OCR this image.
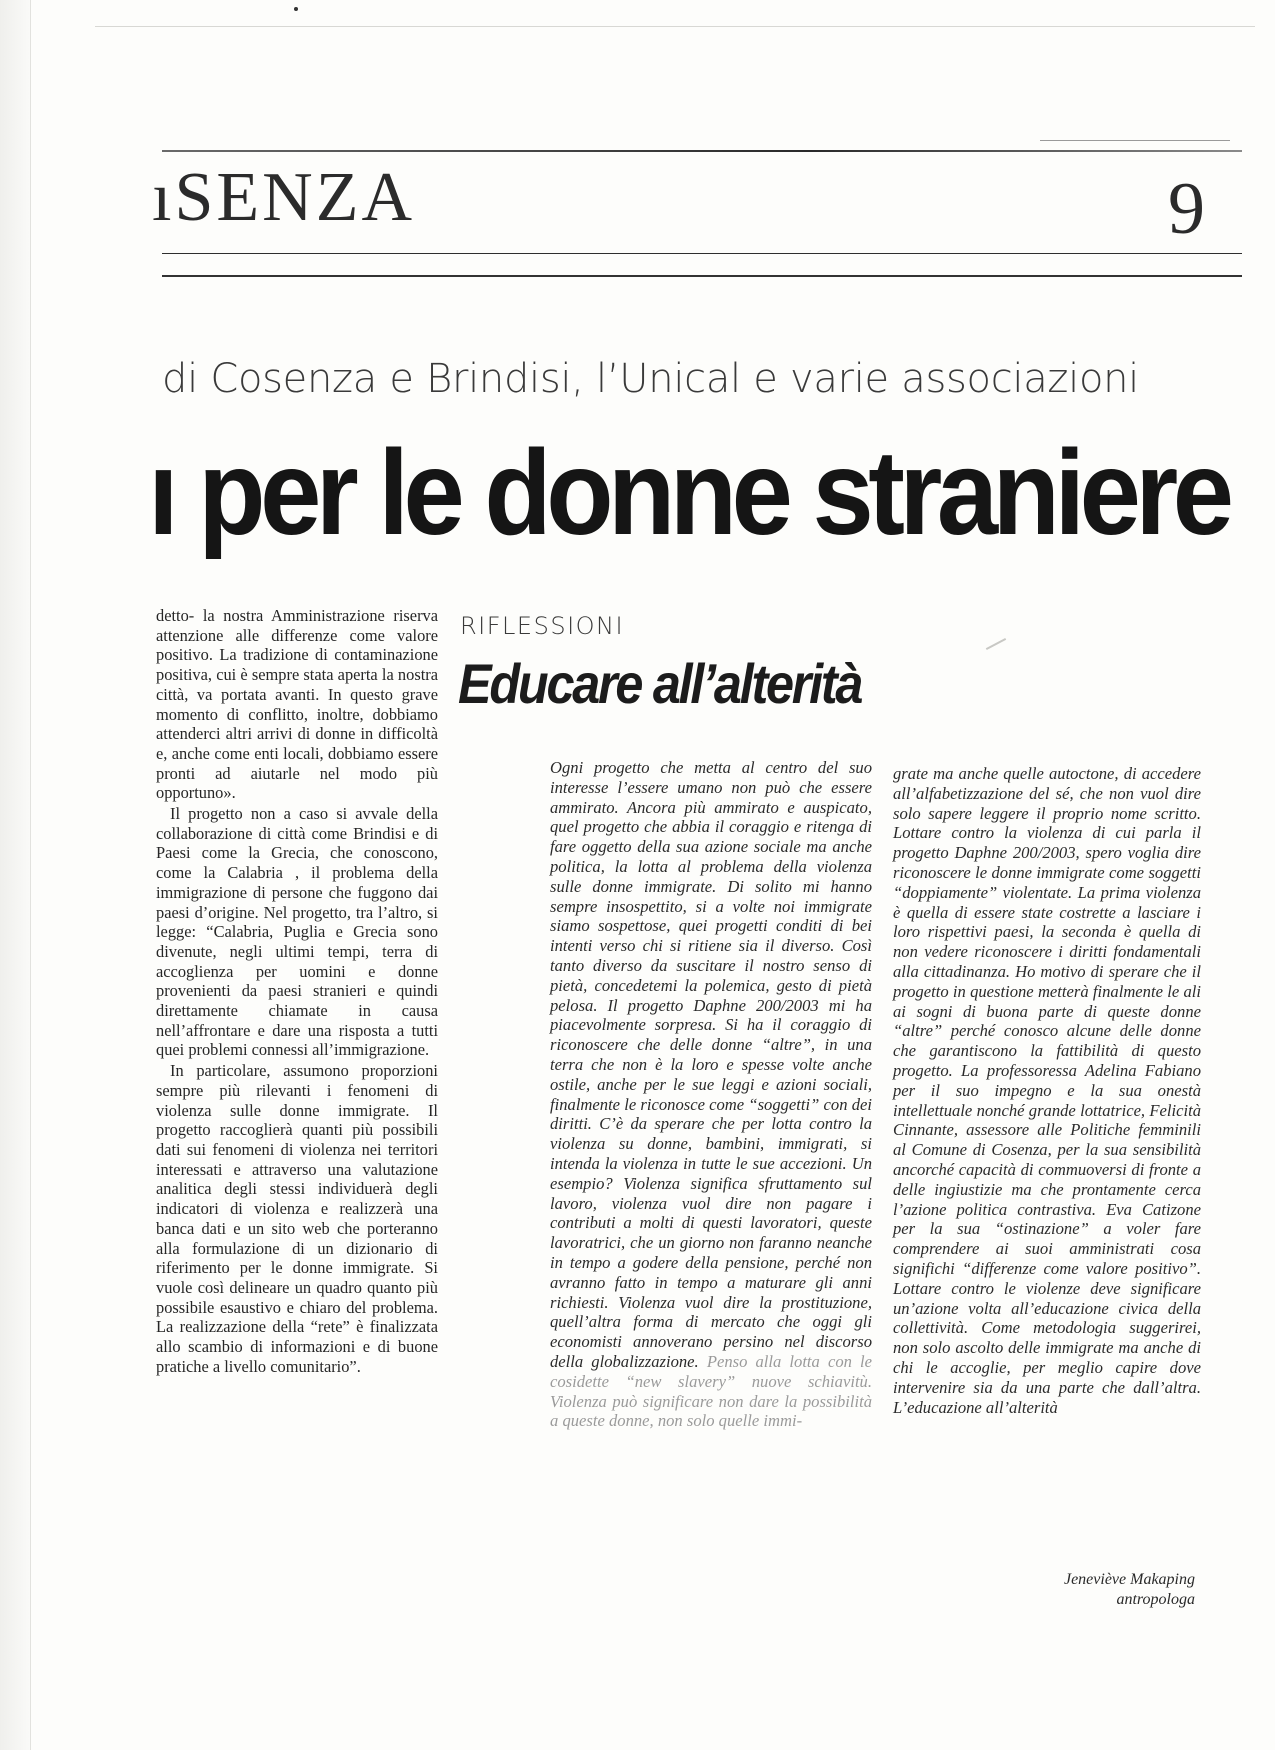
ıSENZA	9
di Cosenza e Brindisi, l’Unical e varie associazioni
ı per le donne straniere

detto- la nostra Amministrazione riserva attenzione alle differenze come valore positivo. La tradizione di contaminazione positiva, cui è sempre stata aperta la nostra città, va portata avanti. In questo grave momento di conflitto, inoltre, dobbiamo attenderci altri arrivi di donne in difficoltà e, anche come enti locali, dobbiamo essere pronti ad aiutarle nel modo più opportuno».

Il progetto non a caso si avvale della collaborazione di città come Brindisi e di Paesi come la Grecia, che conoscono, come la Calabria , il problema della immigrazione di persone che fuggono dai paesi d’origine. Nel progetto, tra l’altro, si legge: “Calabria, Puglia e Grecia sono divenute, negli ultimi tempi, terra di accoglienza per uomini e donne provenienti da paesi stranieri e quindi direttamente chiamate in causa nell’affrontare e dare una risposta a tutti quei problemi connessi all’immigrazione.

In particolare, assumono proporzioni sempre più rilevanti i fenomeni di violenza sulle donne immigrate. Il progetto raccoglierà quanti più possibili dati sui fenomeni di violenza nei territori interessati e attraverso una valutazione analitica degli stessi individuerà degli indicatori di violenza e realizzerà una banca dati e un sito web che porteranno alla formulazione di un dizionario di riferimento per le donne immigrate. Si vuole così delineare un quadro quanto più possibile esaustivo e chiaro del problema. La realizzazione della “rete” è finalizzata allo scambio di informazioni e di buone pratiche a livello comunitario”.

RIFLESSIONI
Educare all’alterità

Ogni progetto che metta al centro del suo interesse l’essere umano non può che essere ammirato. Ancora più ammirato e auspicato, quel progetto che abbia il coraggio e ritenga di fare oggetto della sua azione sociale ma anche politica, la lotta al problema della violenza sulle donne immigrate. Di solito mi hanno sempre insospettito, si a volte noi immigrate siamo sospettose, quei progetti conditi di bei intenti verso chi si ritiene sia il diverso. Così tanto diverso da suscitare il nostro senso di pietà, concedetemi la polemica, gesto di pietà pelosa. Il progetto Daphne 200/2003 mi ha piacevolmente sorpresa. Si ha il coraggio di riconoscere che delle donne “altre”, in una terra che non è la loro e spesse volte anche ostile, anche per le sue leggi e azioni sociali, finalmente le riconosce come “soggetti” con dei diritti. C’è da sperare che per lotta contro la violenza su donne, bambini, immigrati, si intenda la violenza in tutte le sue accezioni. Un esempio? Violenza significa sfruttamento sul lavoro, violenza vuol dire non pagare i contributi a molti di questi lavoratori, queste lavoratrici, che un giorno non faranno neanche in tempo a godere della pensione, perché non avranno fatto in tempo a maturare gli anni richiesti. Violenza vuol dire la prostituzione, quell’altra forma di mercato che oggi gli economisti annoverano persino nel discorso della globalizzazione. Penso alla lotta con le cosidette “new slavery” nuove schiavitù. Violenza può significare non dare la possibilità a queste donne, non solo quelle immi-

grate ma anche quelle autoctone, di accedere all’alfabetizzazione del sé, che non vuol dire solo sapere leggere il proprio nome scritto. Lottare contro la violenza di cui parla il progetto Daphne 200/2003, spero voglia dire riconoscere le donne immigrate come soggetti “doppiamente” violentate. La prima violenza è quella di essere state costrette a lasciare i loro rispettivi paesi, la seconda è quella di non vedere riconoscere i diritti fondamentali alla cittadinanza. Ho motivo di sperare che il progetto in questione metterà finalmente le ali ai sogni di buona parte di queste donne “altre” perché conosco alcune delle donne che garantiscono la fattibilità di questo progetto. La professoressa Adelina Fabiano per il suo impegno e la sua onestà intellettuale nonché grande lottatrice, Felicità Cinnante, assessore alle Politiche femminili al Comune di Cosenza, per la sua sensibilità ancorché capacità di commuoversi di fronte a delle ingiustizie ma che prontamente cerca l’azione politica contrastiva. Eva Catizone per la sua “ostinazione” a voler fare comprendere ai suoi amministrati cosa significhi “differenze come valore positivo”. Lottare contro le violenze deve significare un’azione volta all’educazione civica della collettività. Come metodologia suggerirei, non solo ascolto delle immigrate ma anche di chi le accoglie, per meglio capire dove intervenire sia da una parte che dall’altra. L’educazione all’alterità

Jeneviève Makaping
antropologa
